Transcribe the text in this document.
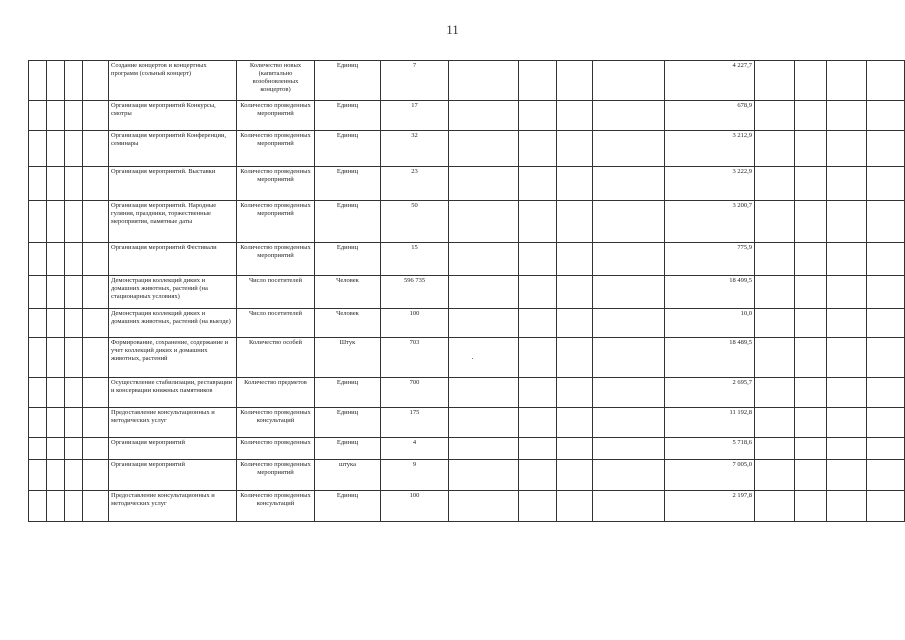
11
				Создание концертов и концертных программ (сольный концерт)	Количество новых (капитально возобновленных концертов)	Единиц	7					4 227,7				
				Организация мероприятий Конкурсы, смотры	Количество проведенных мероприятий	Единиц	17					678,9				
				Организация мероприятий Конференции, семинары	Количество проведенных мероприятий	Единиц	32					3 212,9				
				Организация мероприятий. Выставки	Количество проведенных мероприятий	Единиц	23					3 222,9				
				Организация мероприятий. Народные гуляния, праздники, торжественные мероприятия, памятные даты	Количество проведенных мероприятий	Единиц	50					3 200,7				
				Организация мероприятий Фестивали	Количество проведенных мероприятий	Единиц	15					775,9				
				Демонстрация коллекций диких и домашних животных, растений (на стационарных условиях)	Число посетителей	Человек	596 735					18 499,5				
				Демонстрация коллекций диких и домашних животных, растений (на выезде)	Число посетителей	Человек	100					10,0				
				Формирование, сохранение, содержание и учет коллекций диких и домашних животных, растений	Количество особей	Штук	703					18 489,5				
				Осуществление стабилизации, реставрации и консервации книжных памятников	Количество предметов	Единиц	700					2 695,7				
				Предоставление консультационных и методических услуг	Количество проведенных консультаций	Единиц	175					11 192,8				
				Организация мероприятий	Количество проведенных	Единиц	4					5 718,6				
				Организация мероприятий	Количество проведенных мероприятий	штука	9					7 005,0				
				Предоставление консультационных и методических услуг	Количество проведенных консультаций	Единиц	100					2 197,8				
